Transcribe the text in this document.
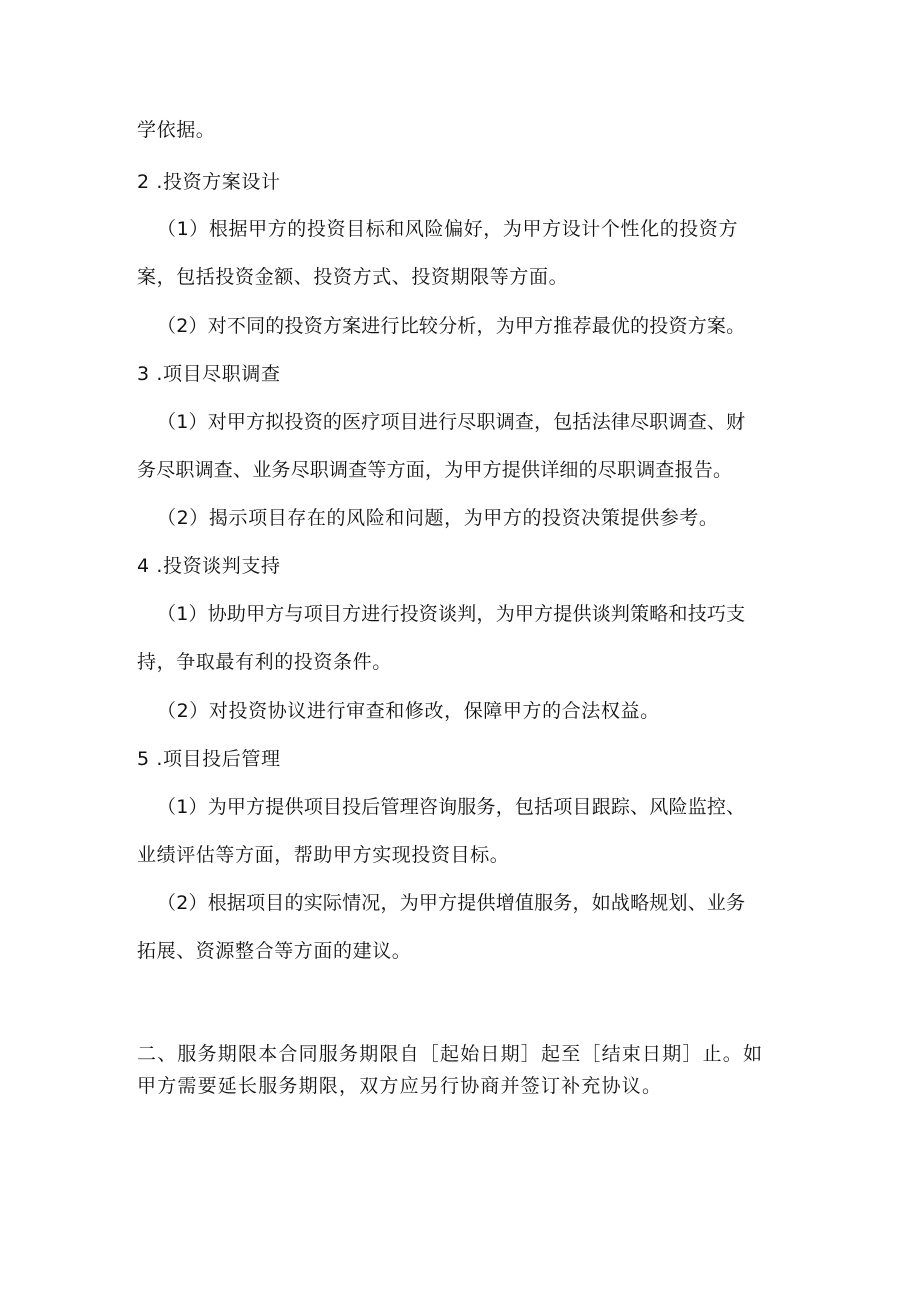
学依据。
2 .投资方案设计
（1）根据甲方的投资目标和风险偏好，为甲方设计个性化的投资方
案，包括投资金额、投资方式、投资期限等方面。
（2）对不同的投资方案进行比较分析，为甲方推荐最优的投资方案。
3 .项目尽职调查
（1）对甲方拟投资的医疗项目进行尽职调查，包括法律尽职调查、财
务尽职调查、业务尽职调查等方面，为甲方提供详细的尽职调查报告。
（2）揭示项目存在的风险和问题，为甲方的投资决策提供参考。
4 .投资谈判支持
（1）协助甲方与项目方进行投资谈判，为甲方提供谈判策略和技巧支
持，争取最有利的投资条件。
（2）对投资协议进行审查和修改，保障甲方的合法权益。
5 .项目投后管理
（1）为甲方提供项目投后管理咨询服务，包括项目跟踪、风险监控、
业绩评估等方面，帮助甲方实现投资目标。
（2）根据项目的实际情况，为甲方提供增值服务，如战略规划、业务
拓展、资源整合等方面的建议。
二、服务期限本合同服务期限自［起始日期］起至［结束日期］止。如
甲方需要延长服务期限，双方应另行协商并签订补充协议。
